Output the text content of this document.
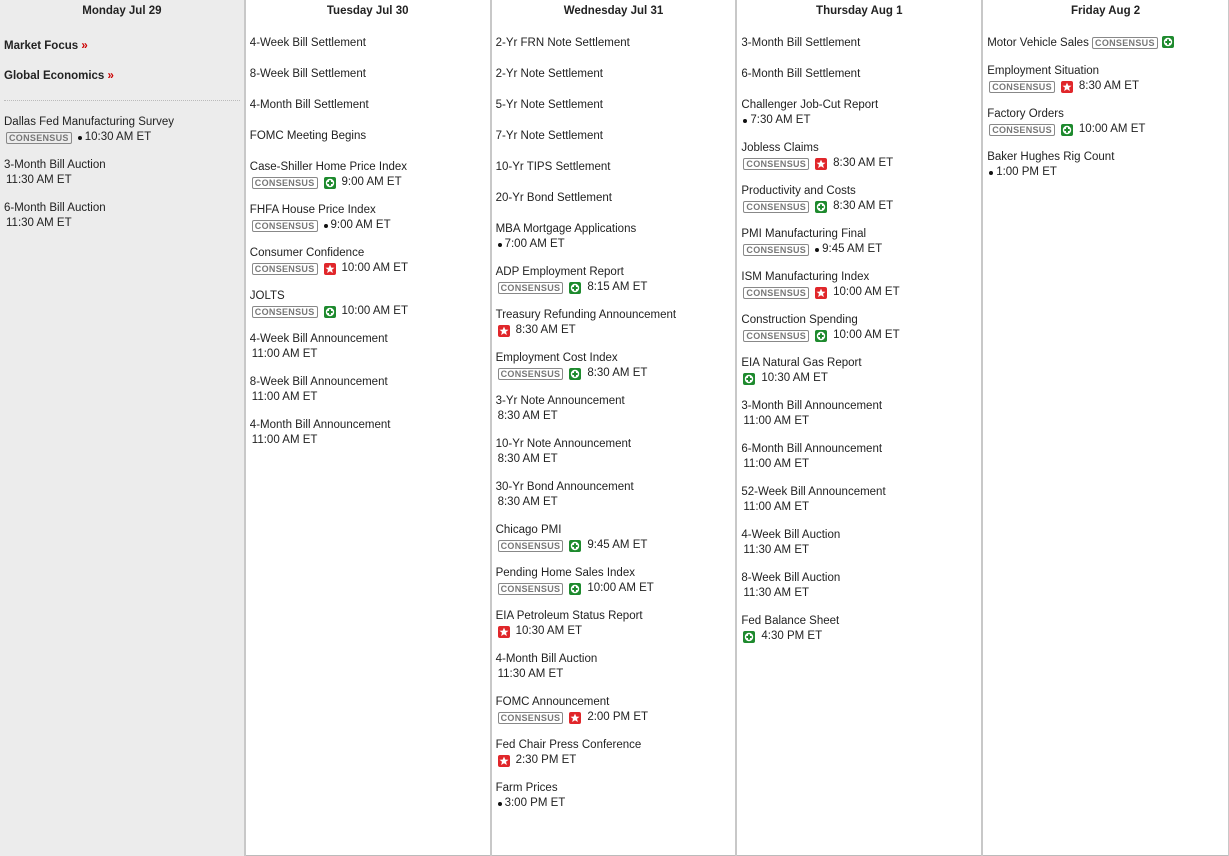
Monday Jul 29
Market Focus »
Global Economics »
Dallas Fed Manufacturing Survey
CONSENSUS 10:30 AM ET
3-Month Bill Auction
11:30 AM ET
6-Month Bill Auction
11:30 AM ET
Tuesday Jul 30
4-Week Bill Settlement
8-Week Bill Settlement
4-Month Bill Settlement
FOMC Meeting Begins
Case-Shiller Home Price Index
CONSENSUS 9:00 AM ET
FHFA House Price Index
CONSENSUS 9:00 AM ET
Consumer Confidence
CONSENSUS 10:00 AM ET
JOLTS
CONSENSUS 10:00 AM ET
4-Week Bill Announcement
11:00 AM ET
8-Week Bill Announcement
11:00 AM ET
4-Month Bill Announcement
11:00 AM ET
Wednesday Jul 31
2-Yr FRN Note Settlement
2-Yr Note Settlement
5-Yr Note Settlement
7-Yr Note Settlement
10-Yr TIPS Settlement
20-Yr Bond Settlement
MBA Mortgage Applications
7:00 AM ET
ADP Employment Report
CONSENSUS 8:15 AM ET
Treasury Refunding Announcement
8:30 AM ET
Employment Cost Index
CONSENSUS 8:30 AM ET
3-Yr Note Announcement
8:30 AM ET
10-Yr Note Announcement
8:30 AM ET
30-Yr Bond Announcement
8:30 AM ET
Chicago PMI
CONSENSUS 9:45 AM ET
Pending Home Sales Index
CONSENSUS 10:00 AM ET
EIA Petroleum Status Report
10:30 AM ET
4-Month Bill Auction
11:30 AM ET
FOMC Announcement
CONSENSUS 2:00 PM ET
Fed Chair Press Conference
2:30 PM ET
Farm Prices
3:00 PM ET
Thursday Aug 1
3-Month Bill Settlement
6-Month Bill Settlement
Challenger Job-Cut Report
7:30 AM ET
Jobless Claims
CONSENSUS 8:30 AM ET
Productivity and Costs
CONSENSUS 8:30 AM ET
PMI Manufacturing Final
CONSENSUS 9:45 AM ET
ISM Manufacturing Index
CONSENSUS 10:00 AM ET
Construction Spending
CONSENSUS 10:00 AM ET
EIA Natural Gas Report
10:30 AM ET
3-Month Bill Announcement
11:00 AM ET
6-Month Bill Announcement
11:00 AM ET
52-Week Bill Announcement
11:00 AM ET
4-Week Bill Auction
11:30 AM ET
8-Week Bill Auction
11:30 AM ET
Fed Balance Sheet
4:30 PM ET
Friday Aug 2
Motor Vehicle Sales CONSENSUS
Employment Situation
CONSENSUS 8:30 AM ET
Factory Orders
CONSENSUS 10:00 AM ET
Baker Hughes Rig Count
1:00 PM ET
